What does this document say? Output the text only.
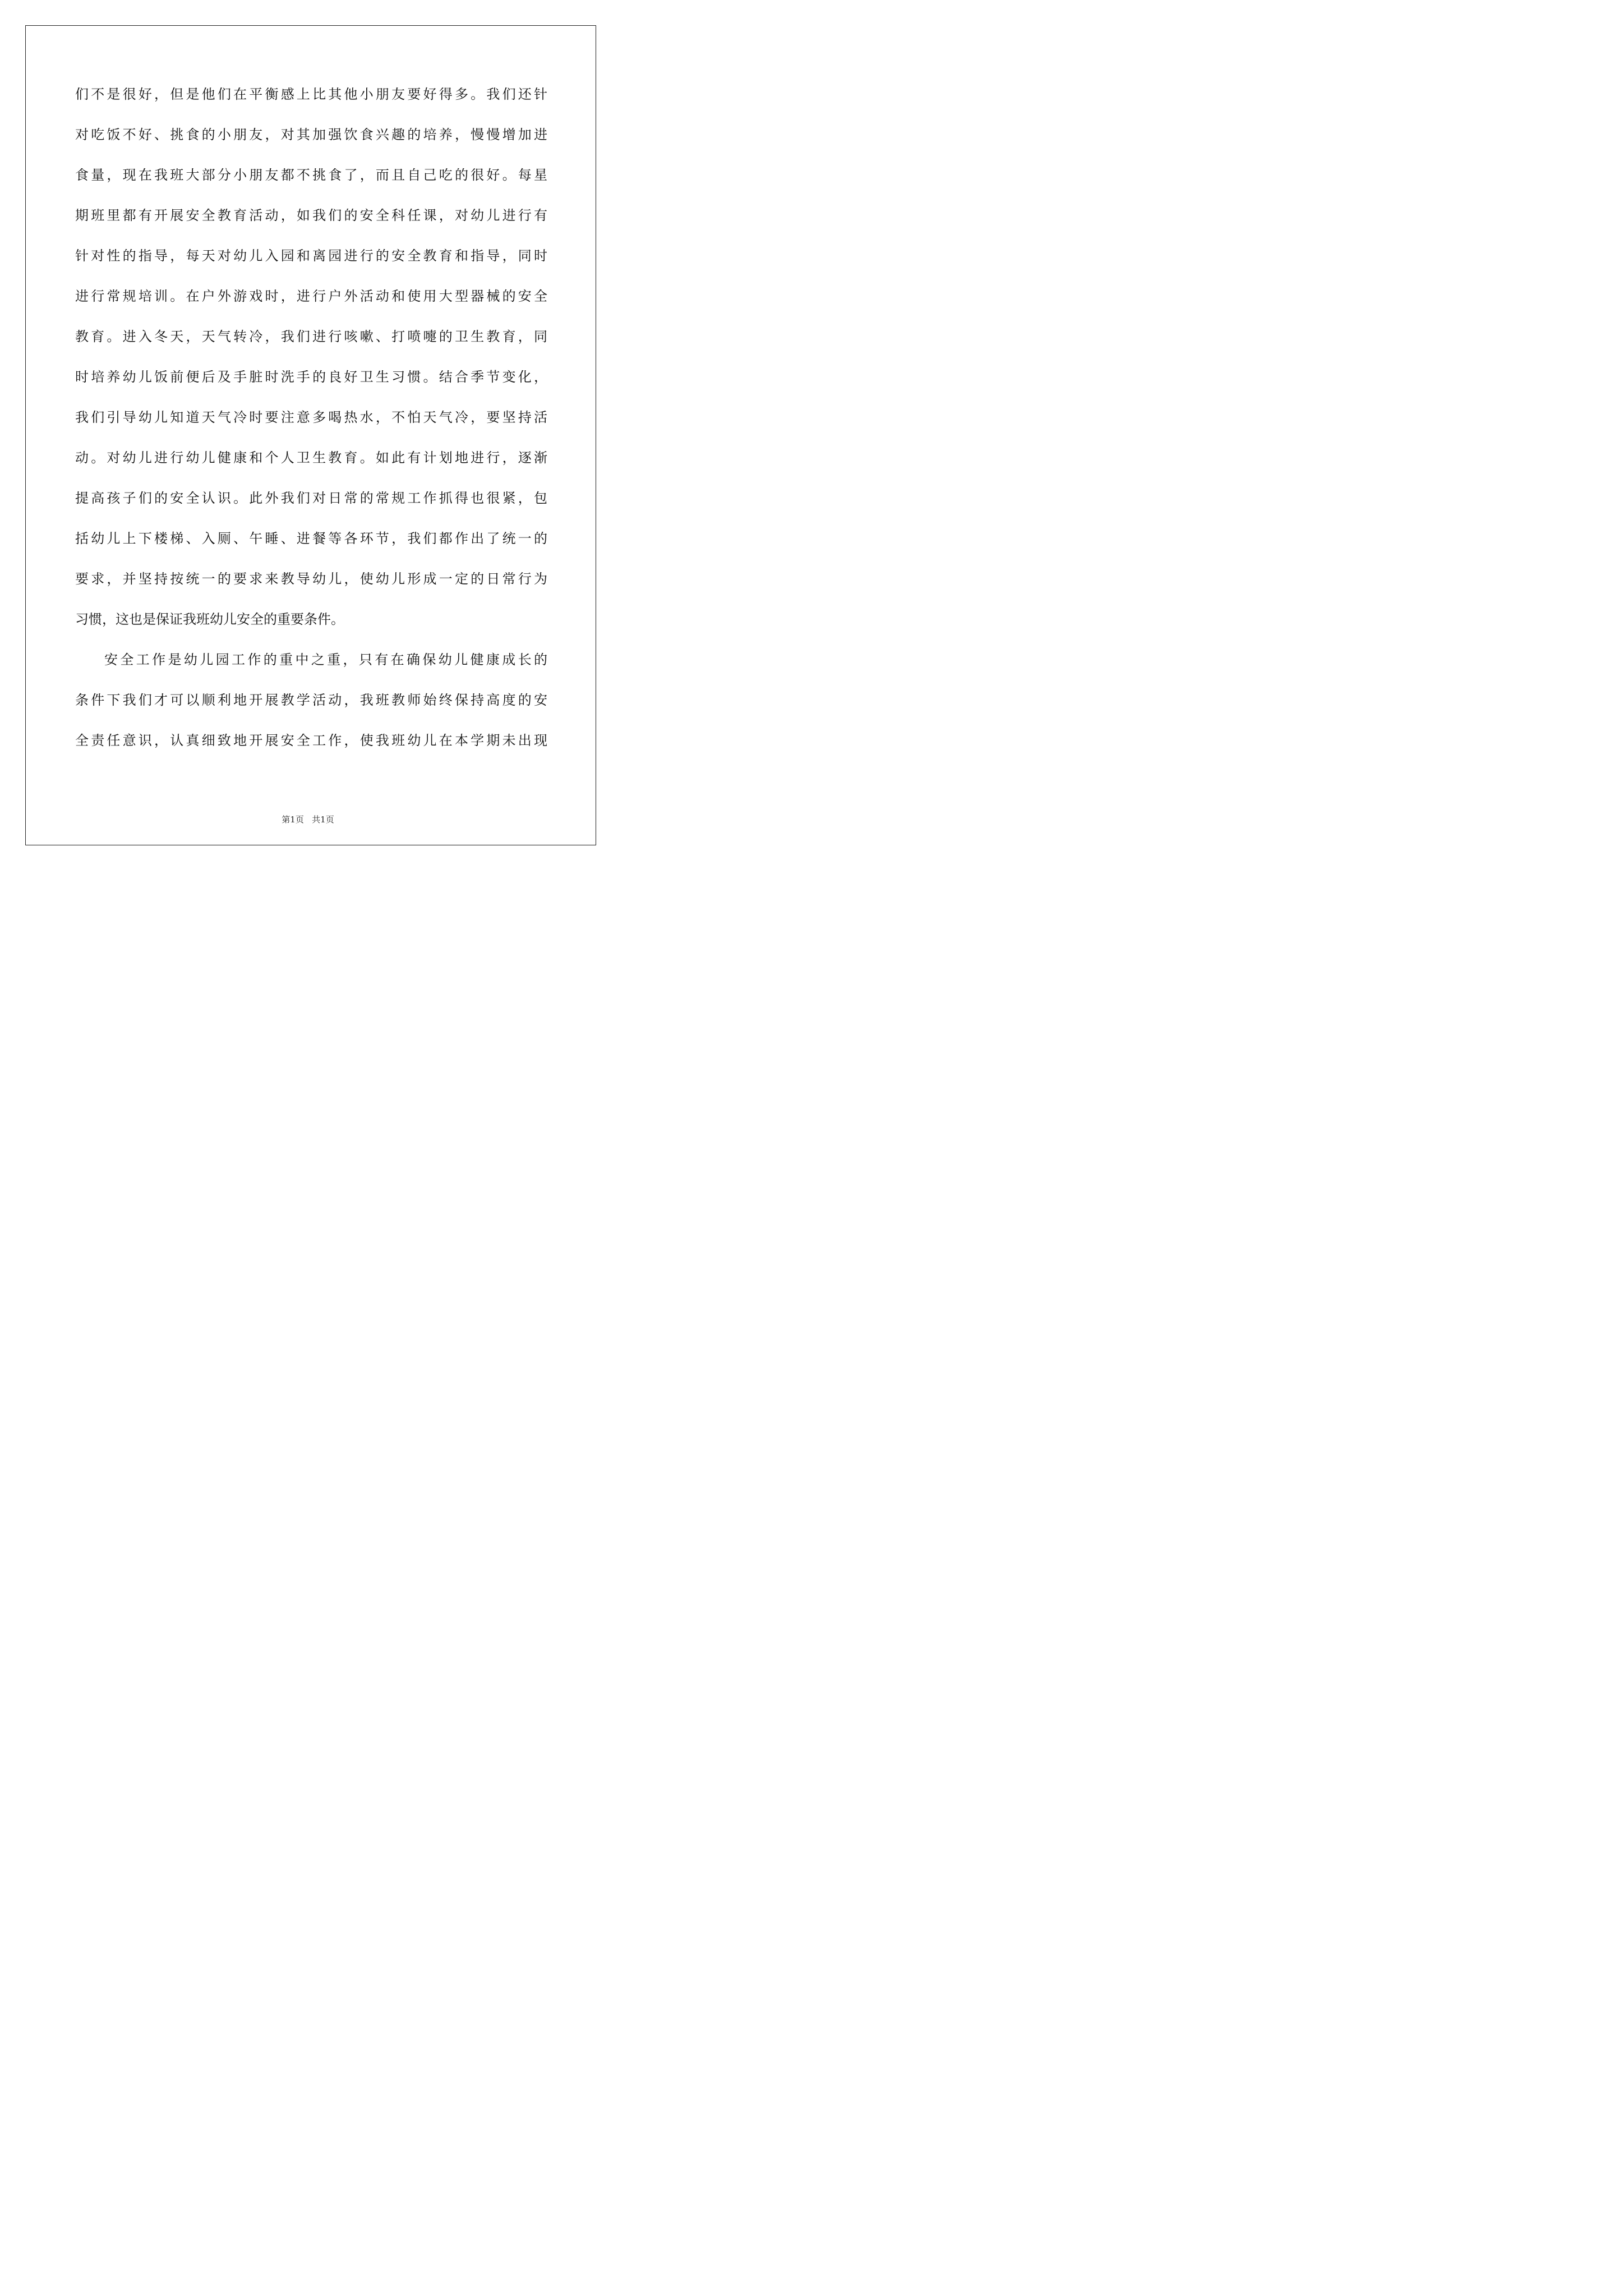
们不是很好，但是他们在平衡感上比其他小朋友要好得多。我们还针
对吃饭不好、挑食的小朋友，对其加强饮食兴趣的培养，慢慢增加进
食量，现在我班大部分小朋友都不挑食了，而且自己吃的很好。每星
期班里都有开展安全教育活动，如我们的安全科任课，对幼儿进行有
针对性的指导，每天对幼儿入园和离园进行的安全教育和指导，同时
进行常规培训。在户外游戏时，进行户外活动和使用大型器械的安全
教育。进入冬天，天气转冷，我们进行咳嗽、打喷嚏的卫生教育，同
时培养幼儿饭前便后及手脏时洗手的良好卫生习惯。结合季节变化，
我们引导幼儿知道天气冷时要注意多喝热水，不怕天气冷，要坚持活
动。对幼儿进行幼儿健康和个人卫生教育。如此有计划地进行，逐渐
提高孩子们的安全认识。此外我们对日常的常规工作抓得也很紧，包
括幼儿上下楼梯、入厕、午睡、进餐等各环节，我们都作出了统一的
要求，并坚持按统一的要求来教导幼儿，使幼儿形成一定的日常行为
习惯，这也是保证我班幼儿安全的重要条件。
安全工作是幼儿园工作的重中之重，只有在确保幼儿健康成长的
条件下我们才可以顺利地开展教学活动，我班教师始终保持高度的安
全责任意识，认真细致地开展安全工作，使我班幼儿在本学期未出现
第1页   共1页
